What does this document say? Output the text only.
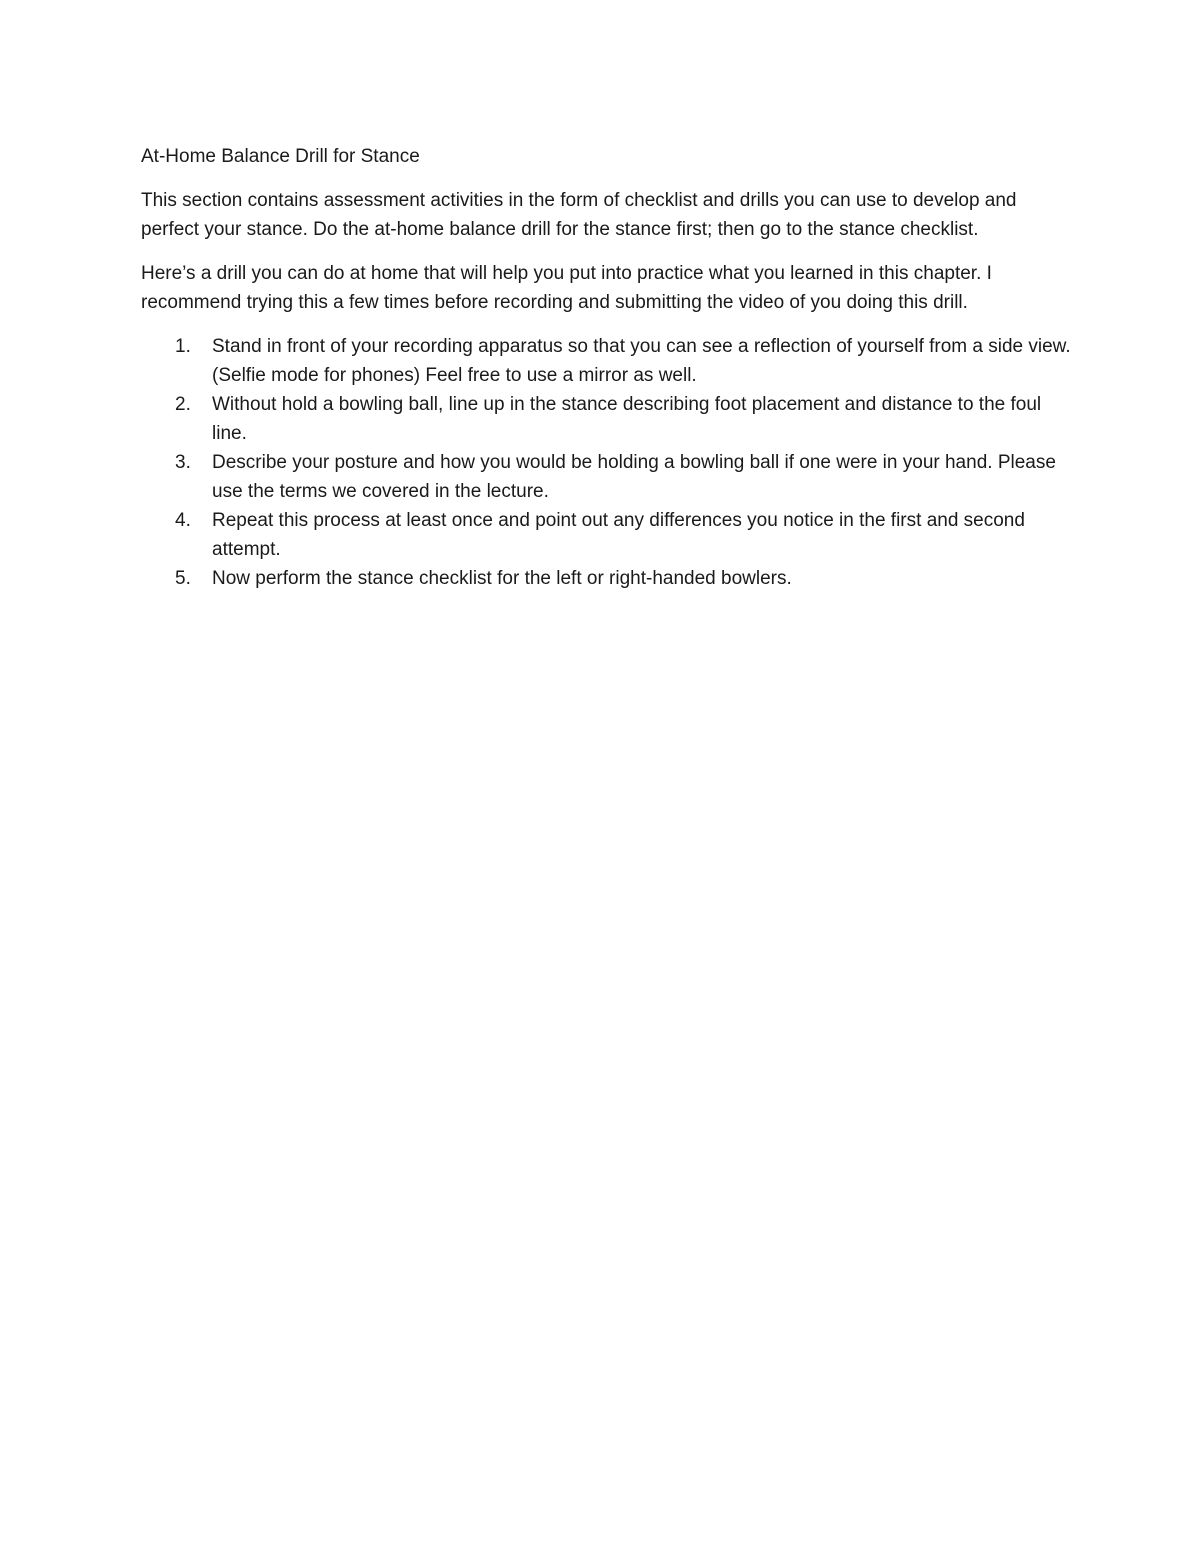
At-Home Balance Drill for Stance

This section contains assessment activities in the form of checklist and drills you can use to develop and perfect your stance. Do the at-home balance drill for the stance first; then go to the stance checklist.

Here’s a drill you can do at home that will help you put into practice what you learned in this chapter. I recommend trying this a few times before recording and submitting the video of you doing this drill.

1. Stand in front of your recording apparatus so that you can see a reflection of yourself from a side view. (Selfie mode for phones) Feel free to use a mirror as well.
2. Without hold a bowling ball, line up in the stance describing foot placement and distance to the foul line.
3. Describe your posture and how you would be holding a bowling ball if one were in your hand. Please use the terms we covered in the lecture.
4. Repeat this process at least once and point out any differences you notice in the first and second attempt.
5. Now perform the stance checklist for the left or right-handed bowlers.
